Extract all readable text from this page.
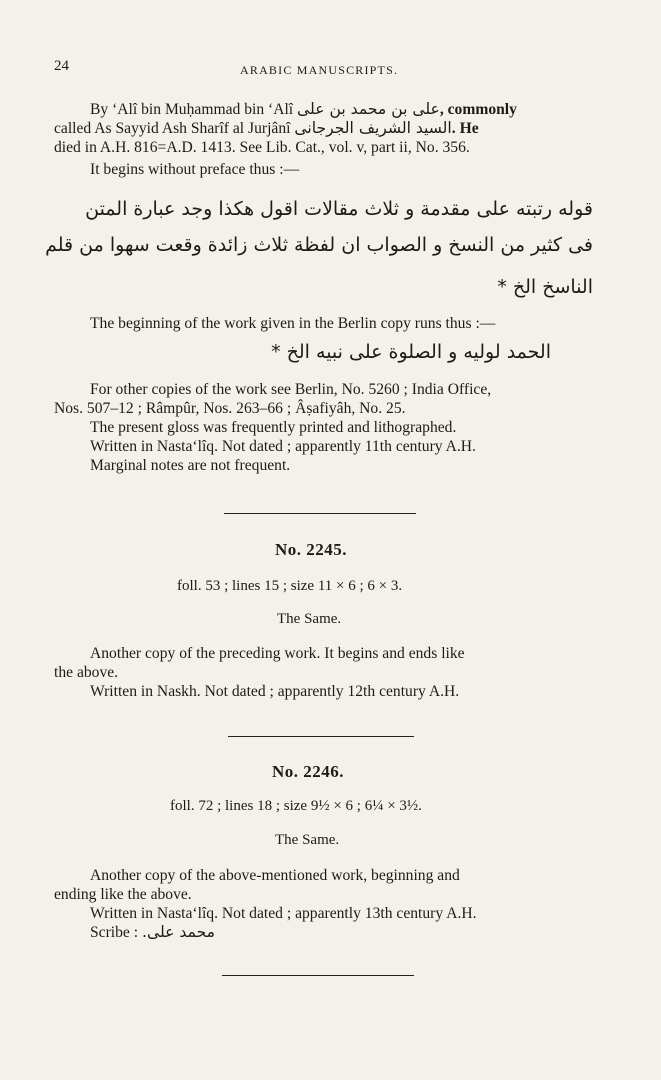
24	ARABIC MANUSCRIPTS.
By ‘Alî bin Muḥammad bin ‘Alî علی بن محمد بن علی, commonly
called As Sayyid Ash Sharîf al Jurjânî السید الشریف الجرجانی. He
died in A.H. 816=A.D. 1413. See Lib. Cat., vol. v, part ii, No. 356.
It begins without preface thus :—
قوله رتبته علی مقدمة و ثلاث مقالات اقول هكذا وجد عبارة المتن
فی كثیر من النسخ و الصواب ان لفظة ثلاث زائدة وقعت سهوا من قلم
الناسخ الخ *
The beginning of the work given in the Berlin copy runs thus :—
الحمد لولیه و الصلوة علی نبیه الخ *
For other copies of the work see Berlin, No. 5260 ; India Office,
Nos. 507–12 ; Râmpûr, Nos. 263–66 ; Âṣafiyâh, No. 25.
The present gloss was frequently printed and lithographed.
Written in Nasta‘lîq. Not dated ; apparently 11th century A.H.
Marginal notes are not frequent.
No. 2245.
foll. 53 ; lines 15 ; size 11 × 6 ; 6 × 3.
The Same.
Another copy of the preceding work. It begins and ends like
the above.
Written in Naskh. Not dated ; apparently 12th century A.H.
No. 2246.
foll. 72 ; lines 18 ; size 9½ × 6 ; 6¼ × 3½.
The Same.
Another copy of the above-mentioned work, beginning and
ending like the above.
Written in Nasta‘lîq. Not dated ; apparently 13th century A.H.
Scribe : محمد علی.
